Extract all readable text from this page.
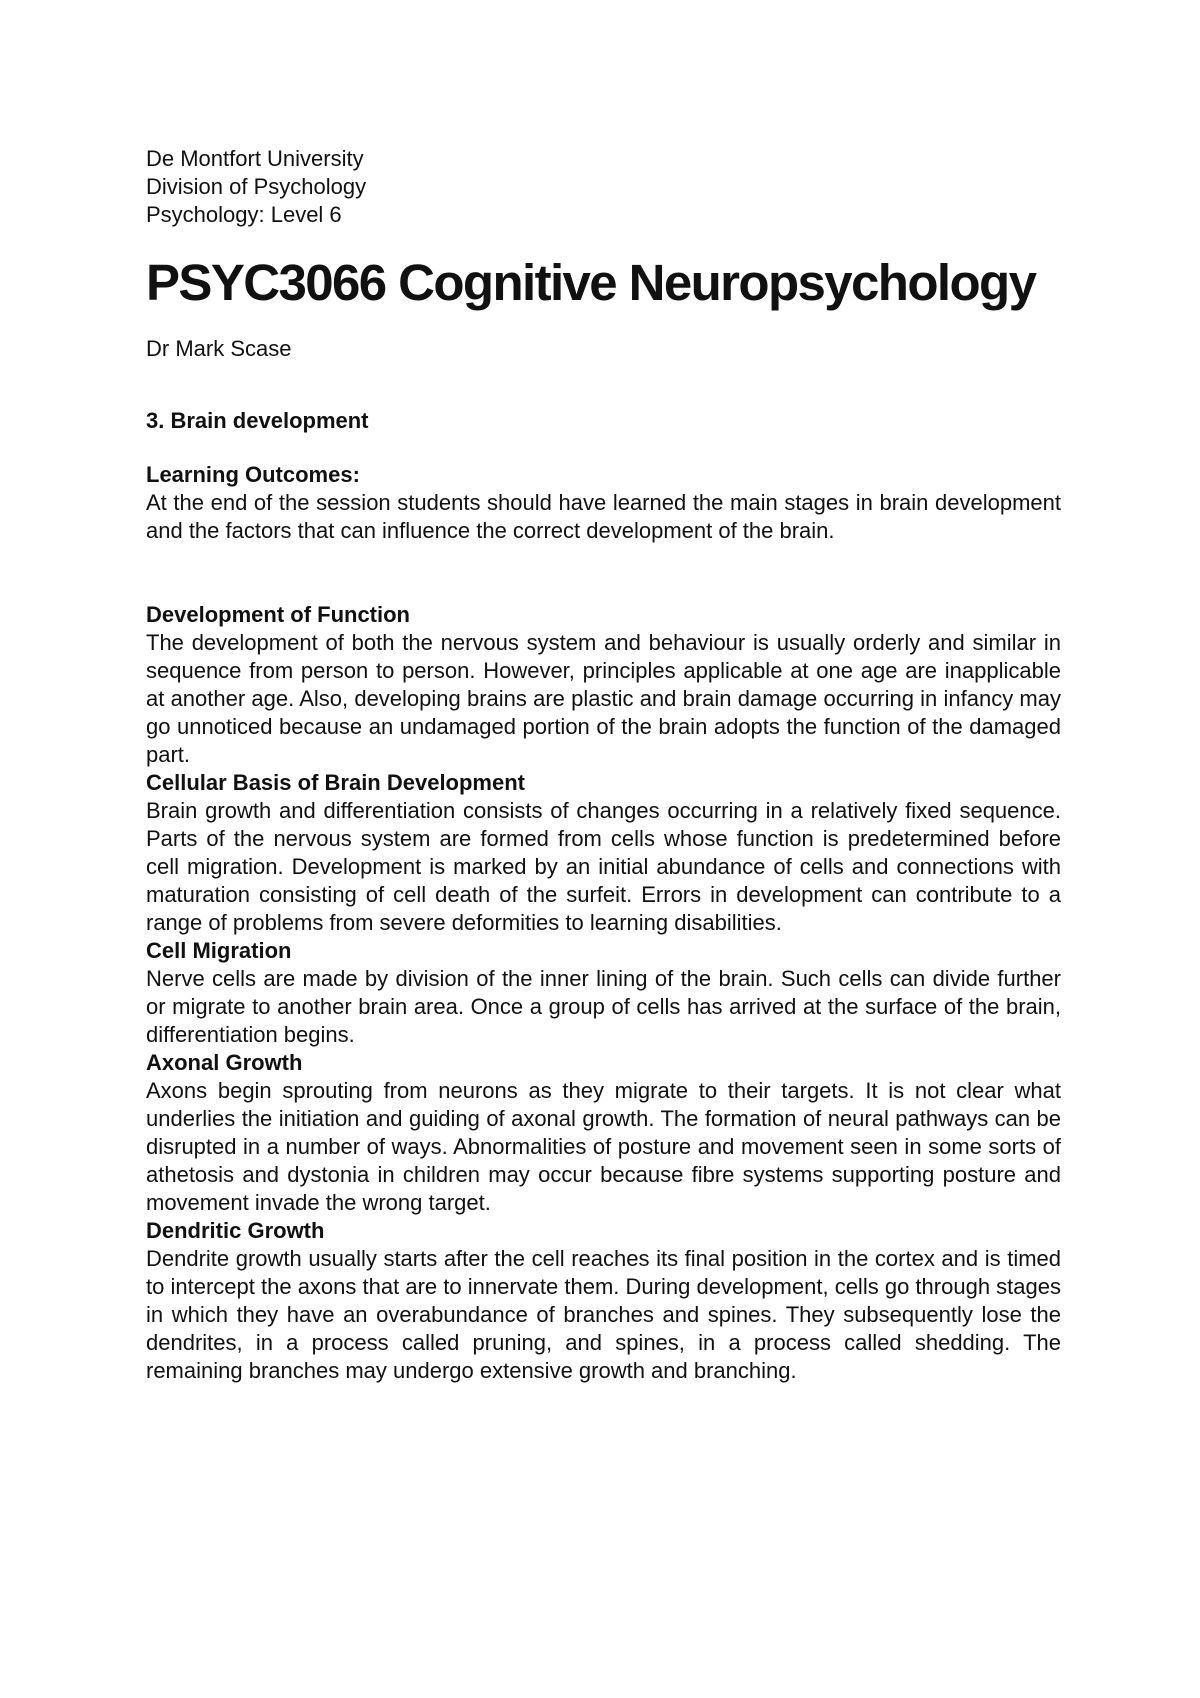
De Montfort University

Division of Psychology

Psychology: Level 6

PSYC3066 Cognitive Neuropsychology

Dr Mark Scase

3. Brain development

Learning Outcomes:

At the end of the session students should have learned the main stages in brain development and the factors that can influence the correct development of the brain.

Development of Function

The development of both the nervous system and behaviour is usually orderly and similar in sequence from person to person. However, principles applicable at one age are inapplicable at another age. Also, developing brains are plastic and brain damage occurring in infancy may go unnoticed because an undamaged portion of the brain adopts the function of the damaged part.

Cellular Basis of Brain Development

Brain growth and differentiation consists of changes occurring in a relatively fixed sequence. Parts of the nervous system are formed from cells whose function is predetermined before cell migration. Development is marked by an initial abundance of cells and connections with maturation consisting of cell death of the surfeit. Errors in development can contribute to a range of problems from severe deformities to learning disabilities.

Cell Migration

Nerve cells are made by division of the inner lining of the brain. Such cells can divide further or migrate to another brain area. Once a group of cells has arrived at the surface of the brain, differentiation begins.

Axonal Growth

Axons begin sprouting from neurons as they migrate to their targets. It is not clear what underlies the initiation and guiding of axonal growth. The formation of neural pathways can be disrupted in a number of ways. Abnormalities of posture and movement seen in some sorts of athetosis and dystonia in children may occur because fibre systems supporting posture and movement invade the wrong target.

Dendritic Growth

Dendrite growth usually starts after the cell reaches its final position in the cortex and is timed to intercept the axons that are to innervate them. During development, cells go through stages in which they have an overabundance of branches and spines. They subsequently lose the dendrites, in a process called pruning, and spines, in a process called shedding. The remaining branches may undergo extensive growth and branching.
